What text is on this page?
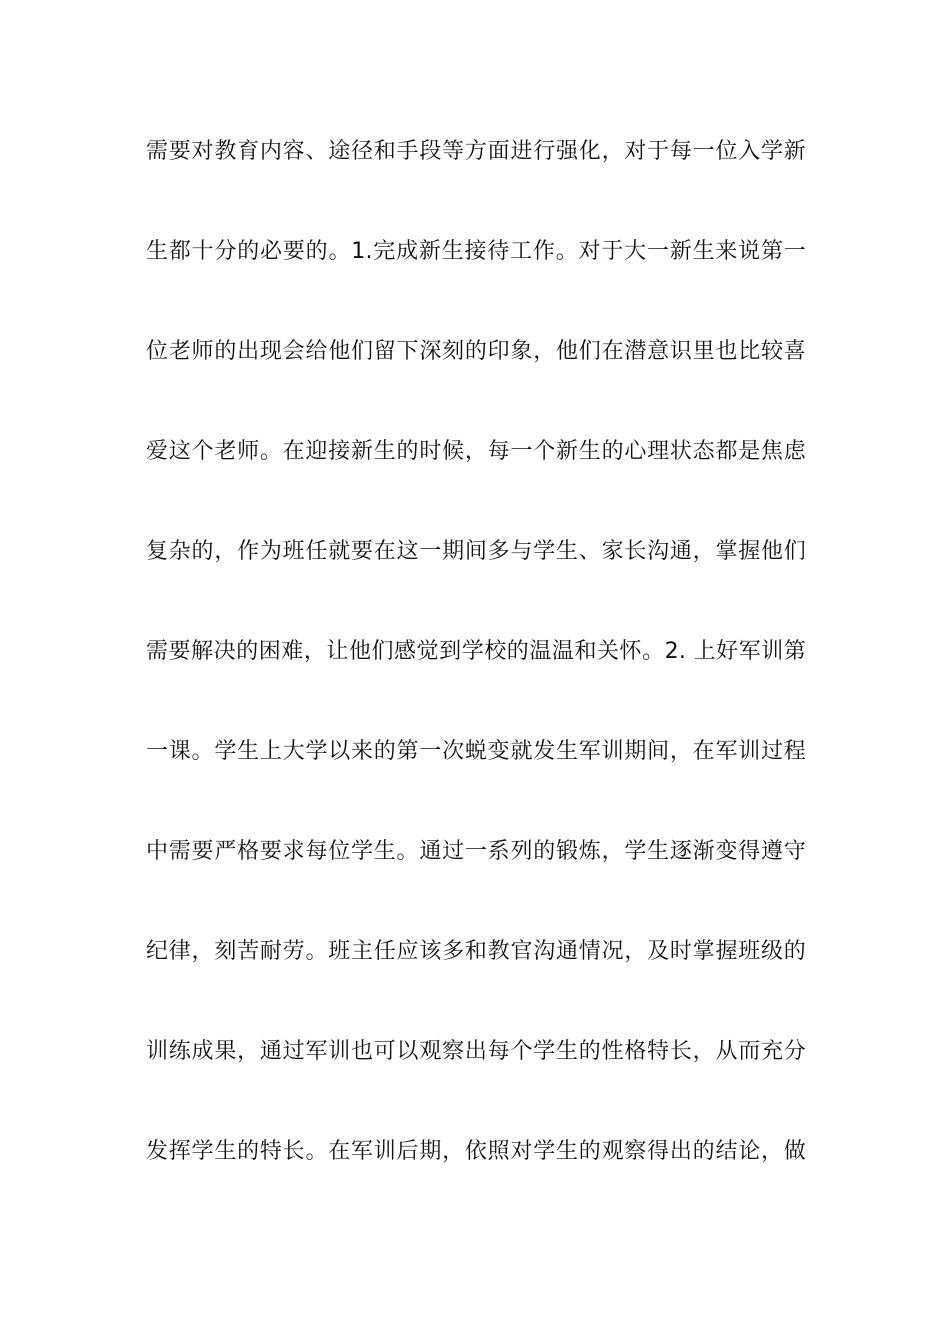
需要对教育内容、途径和手段等方面进行强化，对于每一位入学新
生都十分的必要的。1.完成新生接待工作。对于大一新生来说第一
位老师的出现会给他们留下深刻的印象，他们在潜意识里也比较喜
爱这个老师。在迎接新生的时候，每一个新生的心理状态都是焦虑
复杂的，作为班任就要在这一期间多与学生、家长沟通，掌握他们
需要解决的困难，让他们感觉到学校的温温和关怀。2. 上好军训第
一课。学生上大学以来的第一次蜕变就发生军训期间，在军训过程
中需要严格要求每位学生。通过一系列的锻炼，学生逐渐变得遵守
纪律，刻苦耐劳。班主任应该多和教官沟通情况，及时掌握班级的
训练成果，通过军训也可以观察出每个学生的性格特长，从而充分
发挥学生的特长。在军训后期，依照对学生的观察得出的结论，做
